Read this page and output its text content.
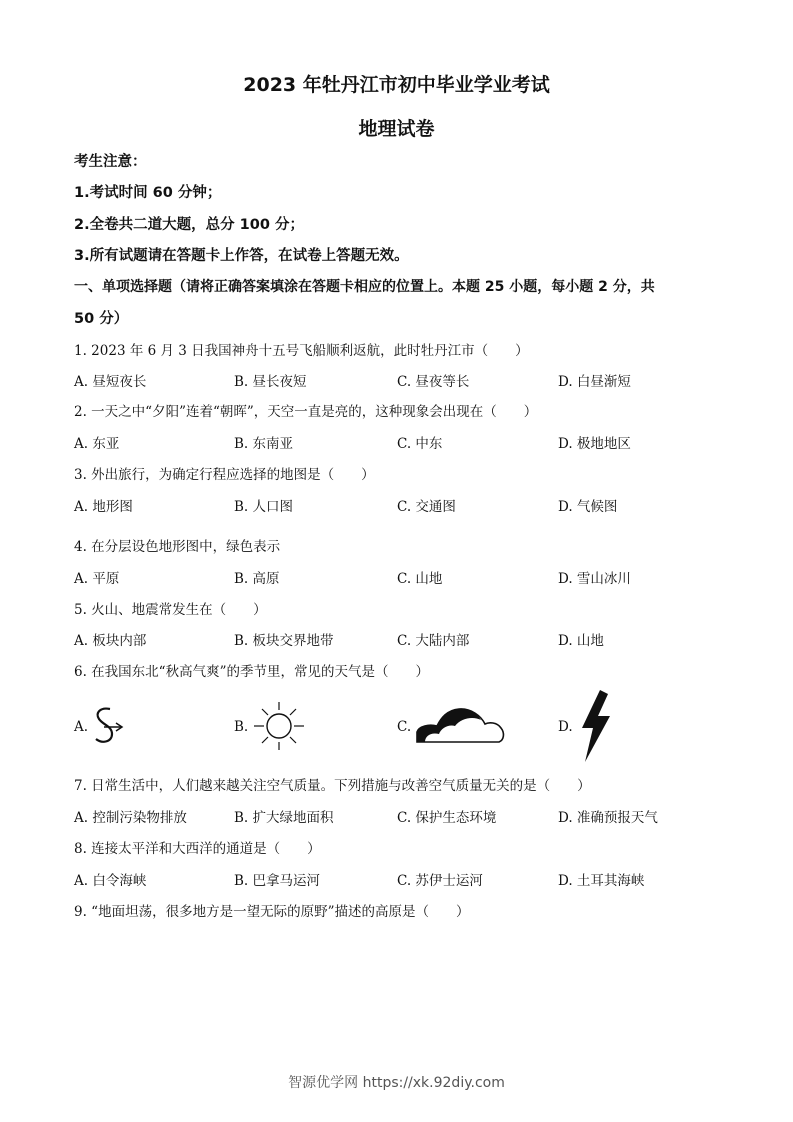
2023 年牡丹江市初中毕业学业考试
地理试卷
考生注意：
1.考试时间 60 分钟；
2.全卷共二道大题，总分 100 分；
3.所有试题请在答题卡上作答，在试卷上答题无效。
一、单项选择题（请将正确答案填涂在答题卡相应的位置上。本题 25 小题，每小题 2 分，共
50 分）
1. 2023 年 6 月 3 日我国神舟十五号飞船顺利返航，此时牡丹江市（　　）
A. 昼短夜长	B. 昼长夜短	C. 昼夜等长	D. 白昼渐短
2. 一天之中“夕阳”连着“朝晖”，天空一直是亮的，这种现象会出现在（　　）
A. 东亚	B. 东南亚	C. 中东	D. 极地地区
3. 外出旅行，为确定行程应选择的地图是（　　）
A. 地形图	B. 人口图	C. 交通图	D. 气候图
4. 在分层设色地形图中，绿色表示
A. 平原	B. 高原	C. 山地	D. 雪山冰川
5. 火山、地震常发生在（　　）
A. 板块内部	B. 板块交界地带	C. 大陆内部	D. 山地
6. 在我国东北“秋高气爽”的季节里，常见的天气是（　　）
A.	B.	C.	D.
7. 日常生活中，人们越来越关注空气质量。下列措施与改善空气质量无关的是（　　）
A. 控制污染物排放	B. 扩大绿地面积	C. 保护生态环境	D. 准确预报天气
8. 连接太平洋和大西洋的通道是（　　）
A. 白令海峡	B. 巴拿马运河	C. 苏伊士运河	D. 土耳其海峡
9. “地面坦荡，很多地方是一望无际的原野”描述的高原是（　　）
智源优学网 https://xk.92diy.com
